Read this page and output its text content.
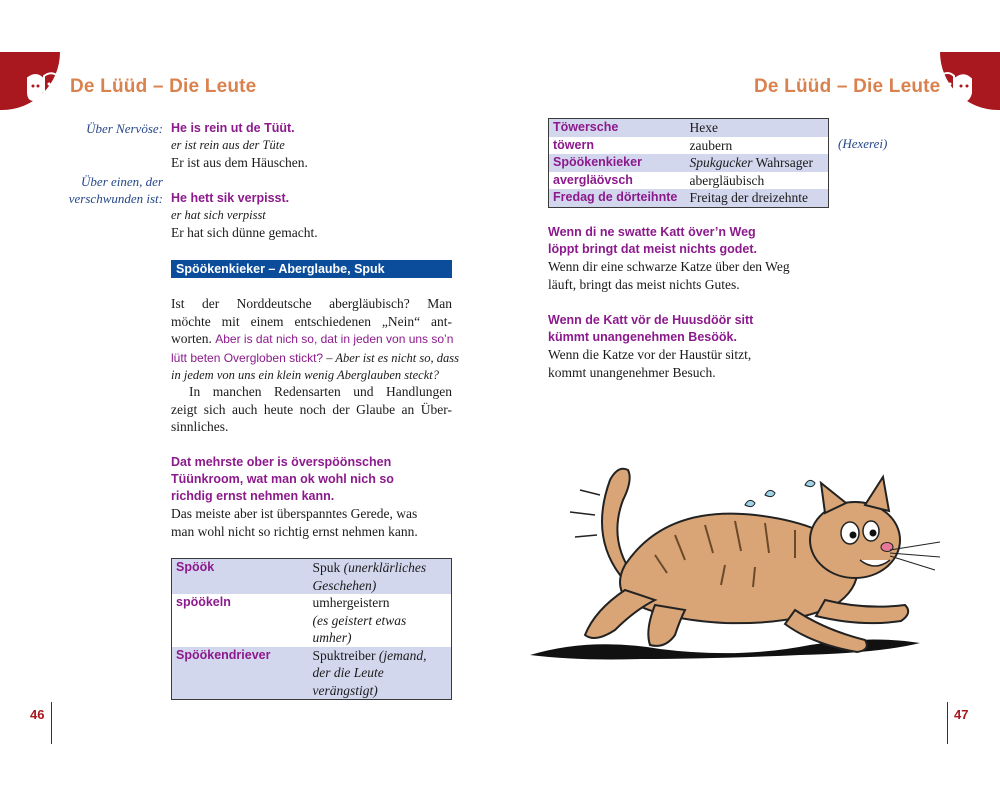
De Lüüd – Die Leute
Über Nervöse: He is rein ut de Tüüt.
er ist rein aus der Tüte
Er ist aus dem Häuschen.
Über einen, der
verschwunden ist: He hett sik verpisst.
er hat sich verpisst
Er hat sich dünne gemacht.
Spöökenkieker – Aberglaube, Spuk
Ist der Norddeutsche abergläubisch? Man
möchte mit einem entschiedenen „Nein“ ant-
worten. Aber is dat nich so, dat in jeden von uns so’n
lütt beten Overgloben stickt? – Aber ist es nicht so, dass
in jedem von uns ein klein wenig Aberglauben steckt?
In manchen Redensarten und Handlungen
zeigt sich auch heute noch der Glaube an Über-
sinnliches.
Dat mehrste ober is överspöönschen
Tüünkroom, wat man ok wohl nich so
richdig ernst nehmen kann.
Das meiste aber ist überspanntes Gerede, was
man wohl nicht so richtig ernst nehmen kann.
Spöök	Spuk (unerklärliches
Geschehen)
spöökeln	umhergeistern
(es geistert etwas umher)
Spöökendriever	Spuktreiber (jemand,
der die Leute verängstigt)
46
De Lüüd – Die Leute
Töwersche	Hexe
töwern	zaubern
Spöökenkieker	Spukgucker Wahrsager
avergläövsch	abergläubisch
Fredag de dörteihnte	Freitag der dreizehnte
(Hexerei)
Wenn di ne swatte Katt över’n Weg
löppt bringt dat meist nichts godet.
Wenn dir eine schwarze Katze über den Weg
läuft, bringt das meist nichts Gutes.
Wenn de Katt vör de Huusdöör sitt
kümmt unangenehmen Besöök.
Wenn die Katze vor der Haustür sitzt,
kommt unangenehmer Besuch.
47
